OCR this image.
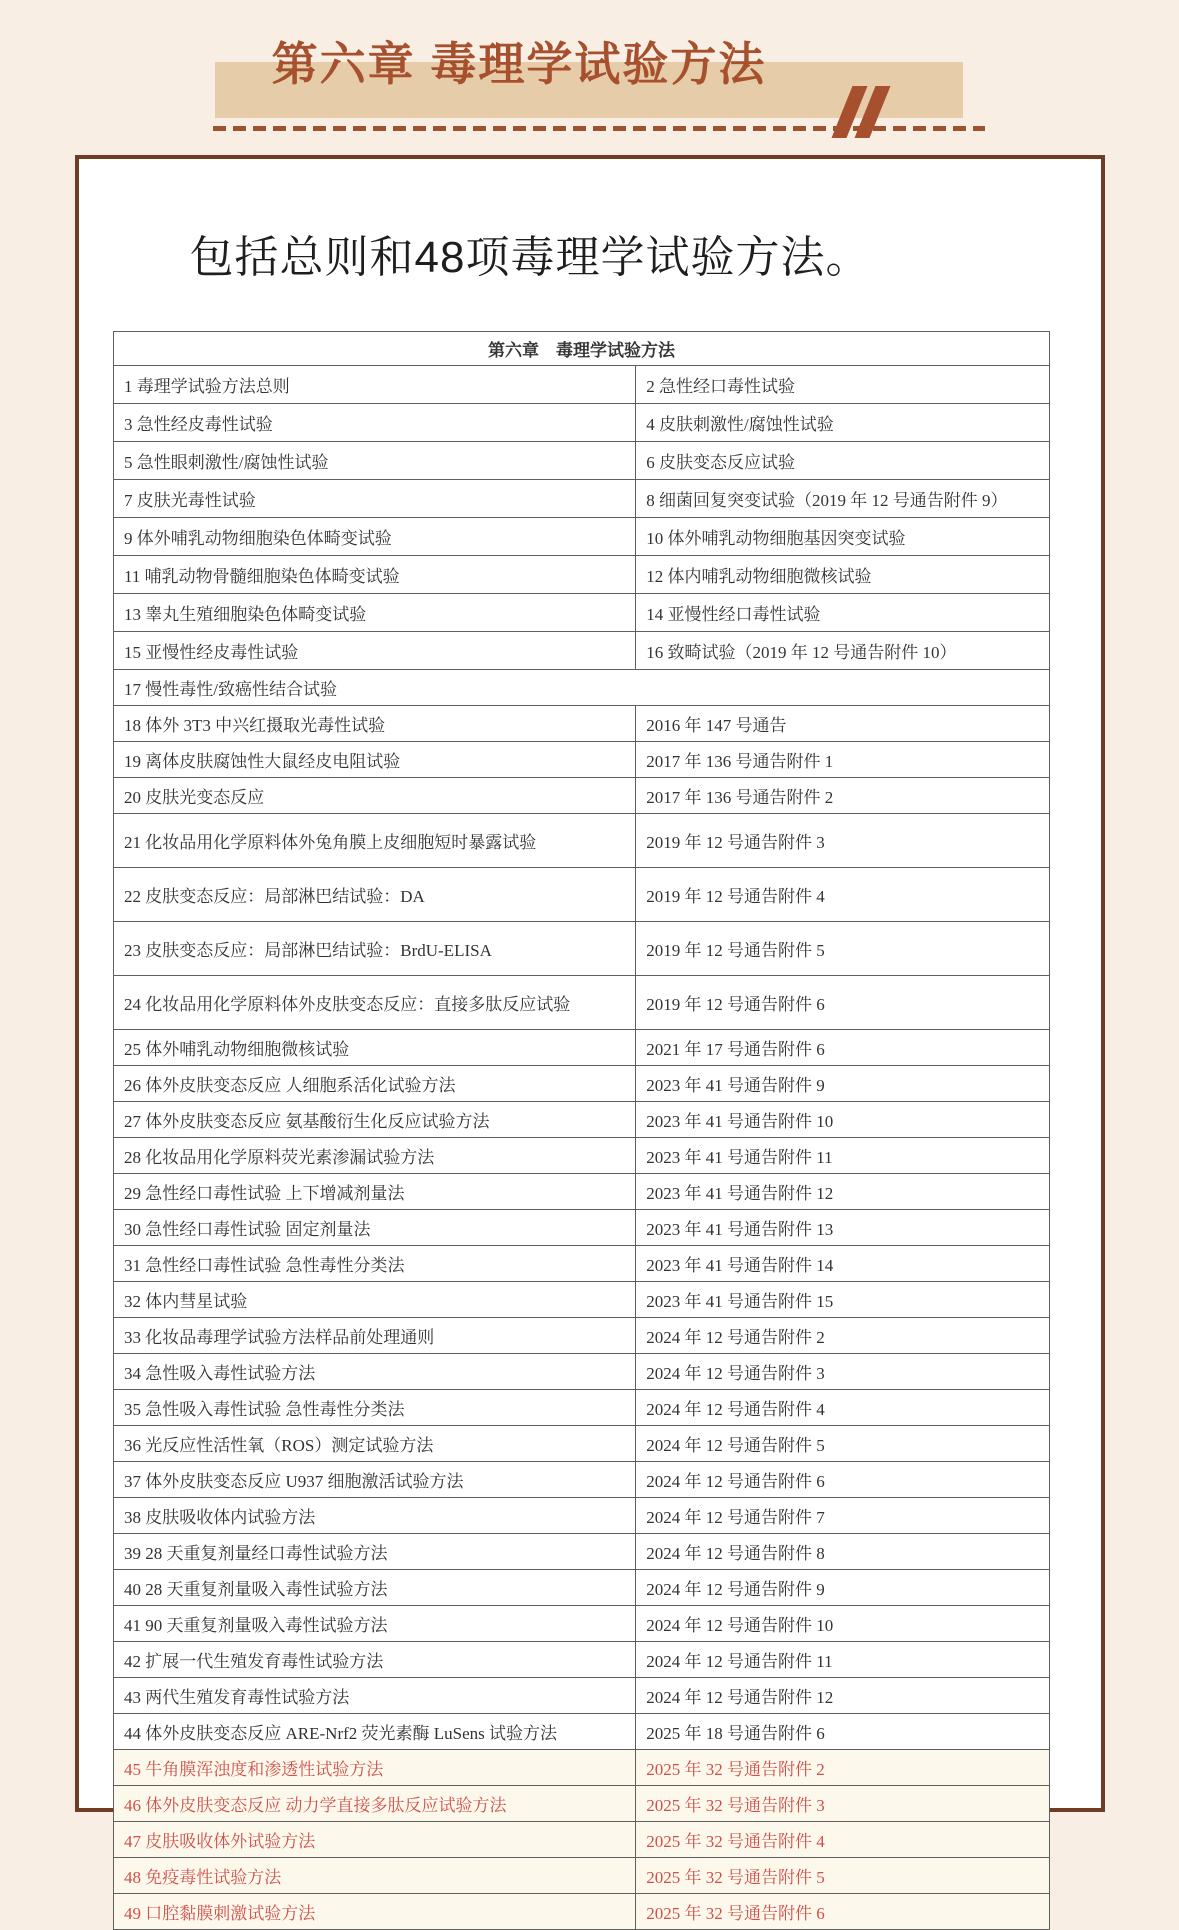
第六章 毒理学试验方法
包括总则和48项毒理学试验方法。
第六章　毒理学试验方法	
1 毒理学试验方法总则	2 急性经口毒性试验
3 急性经皮毒性试验	4 皮肤刺激性/腐蚀性试验
5 急性眼刺激性/腐蚀性试验	6 皮肤变态反应试验
7 皮肤光毒性试验	8 细菌回复突变试验（2019 年 12 号通告附件 9）
9 体外哺乳动物细胞染色体畸变试验	10 体外哺乳动物细胞基因突变试验
11 哺乳动物骨髓细胞染色体畸变试验	12 体内哺乳动物细胞微核试验
13 睾丸生殖细胞染色体畸变试验	14 亚慢性经口毒性试验
15 亚慢性经皮毒性试验	16 致畸试验（2019 年 12 号通告附件 10）
17 慢性毒性/致癌性结合试验	
18 体外 3T3 中兴红摄取光毒性试验	2016 年 147 号通告
19 离体皮肤腐蚀性大鼠经皮电阻试验	2017 年 136 号通告附件 1
20 皮肤光变态反应	2017 年 136 号通告附件 2
21 化妆品用化学原料体外兔角膜上皮细胞短时暴露试验	2019 年 12 号通告附件 3
22 皮肤变态反应：局部淋巴结试验：DA	2019 年 12 号通告附件 4
23 皮肤变态反应：局部淋巴结试验：BrdU-ELISA	2019 年 12 号通告附件 5
24 化妆品用化学原料体外皮肤变态反应：直接多肽反应试验	2019 年 12 号通告附件 6
25 体外哺乳动物细胞微核试验	2021 年 17 号通告附件 6
26 体外皮肤变态反应 人细胞系活化试验方法	2023 年 41 号通告附件 9
27 体外皮肤变态反应 氨基酸衍生化反应试验方法	2023 年 41 号通告附件 10
28 化妆品用化学原料荧光素渗漏试验方法	2023 年 41 号通告附件 11
29 急性经口毒性试验 上下增减剂量法	2023 年 41 号通告附件 12
30 急性经口毒性试验 固定剂量法	2023 年 41 号通告附件 13
31 急性经口毒性试验 急性毒性分类法	2023 年 41 号通告附件 14
32 体内彗星试验	2023 年 41 号通告附件 15
33 化妆品毒理学试验方法样品前处理通则	2024 年 12 号通告附件 2
34 急性吸入毒性试验方法	2024 年 12 号通告附件 3
35 急性吸入毒性试验 急性毒性分类法	2024 年 12 号通告附件 4
36 光反应性活性氧（ROS）测定试验方法	2024 年 12 号通告附件 5
37 体外皮肤变态反应 U937 细胞激活试验方法	2024 年 12 号通告附件 6
38 皮肤吸收体内试验方法	2024 年 12 号通告附件 7
39 28 天重复剂量经口毒性试验方法	2024 年 12 号通告附件 8
40 28 天重复剂量吸入毒性试验方法	2024 年 12 号通告附件 9
41 90 天重复剂量吸入毒性试验方法	2024 年 12 号通告附件 10
42 扩展一代生殖发育毒性试验方法	2024 年 12 号通告附件 11
43 两代生殖发育毒性试验方法	2024 年 12 号通告附件 12
44 体外皮肤变态反应 ARE-Nrf2 荧光素酶 LuSens 试验方法	2025 年 18 号通告附件 6
45 牛角膜浑浊度和渗透性试验方法	2025 年 32 号通告附件 2
46 体外皮肤变态反应 动力学直接多肽反应试验方法	2025 年 32 号通告附件 3
47 皮肤吸收体外试验方法	2025 年 32 号通告附件 4
48 免疫毒性试验方法	2025 年 32 号通告附件 5
49 口腔黏膜刺激试验方法	2025 年 32 号通告附件 6
